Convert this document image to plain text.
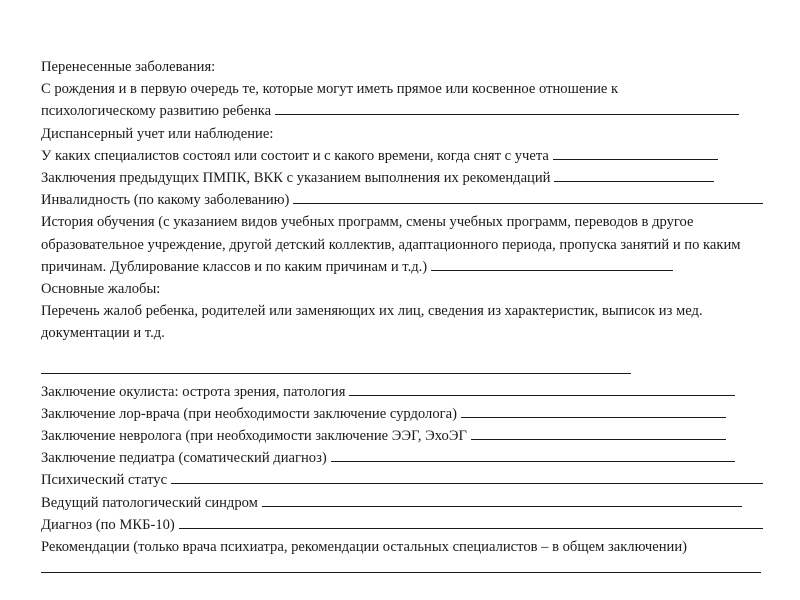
Перенесенные заболевания:
С рождения и в первую очередь те, которые могут иметь прямое или косвенное отношение к
психологическому развитию ребенка
Диспансерный учет или наблюдение:
У каких специалистов состоял или состоит и с какого времени, когда снят с учета
Заключения предыдущих ПМПК, ВКК с указанием выполнения их рекомендаций
Инвалидность (по какому заболеванию)
История обучения (с указанием видов учебных программ, смены учебных программ, переводов в другое образовательное учреждение, другой детский коллектив, адаптационного периода, пропуска занятий и по каким причинам. Дублирование классов и по каким причинам и т.д.)
Основные жалобы:
Перечень жалоб ребенка, родителей или заменяющих их лиц, сведения из характеристик, выписок из мед. документации и т.д.
Заключение окулиста: острота зрения, патология
Заключение лор-врача (при необходимости заключение сурдолога)
Заключение невролога (при необходимости заключение ЭЭГ, ЭхоЭГ
Заключение педиатра (соматический диагноз)
Психический статус
Ведущий патологический синдром
Диагноз (по МКБ-10)
Рекомендации (только врача психиатра, рекомендации остальных специалистов – в общем заключении)
